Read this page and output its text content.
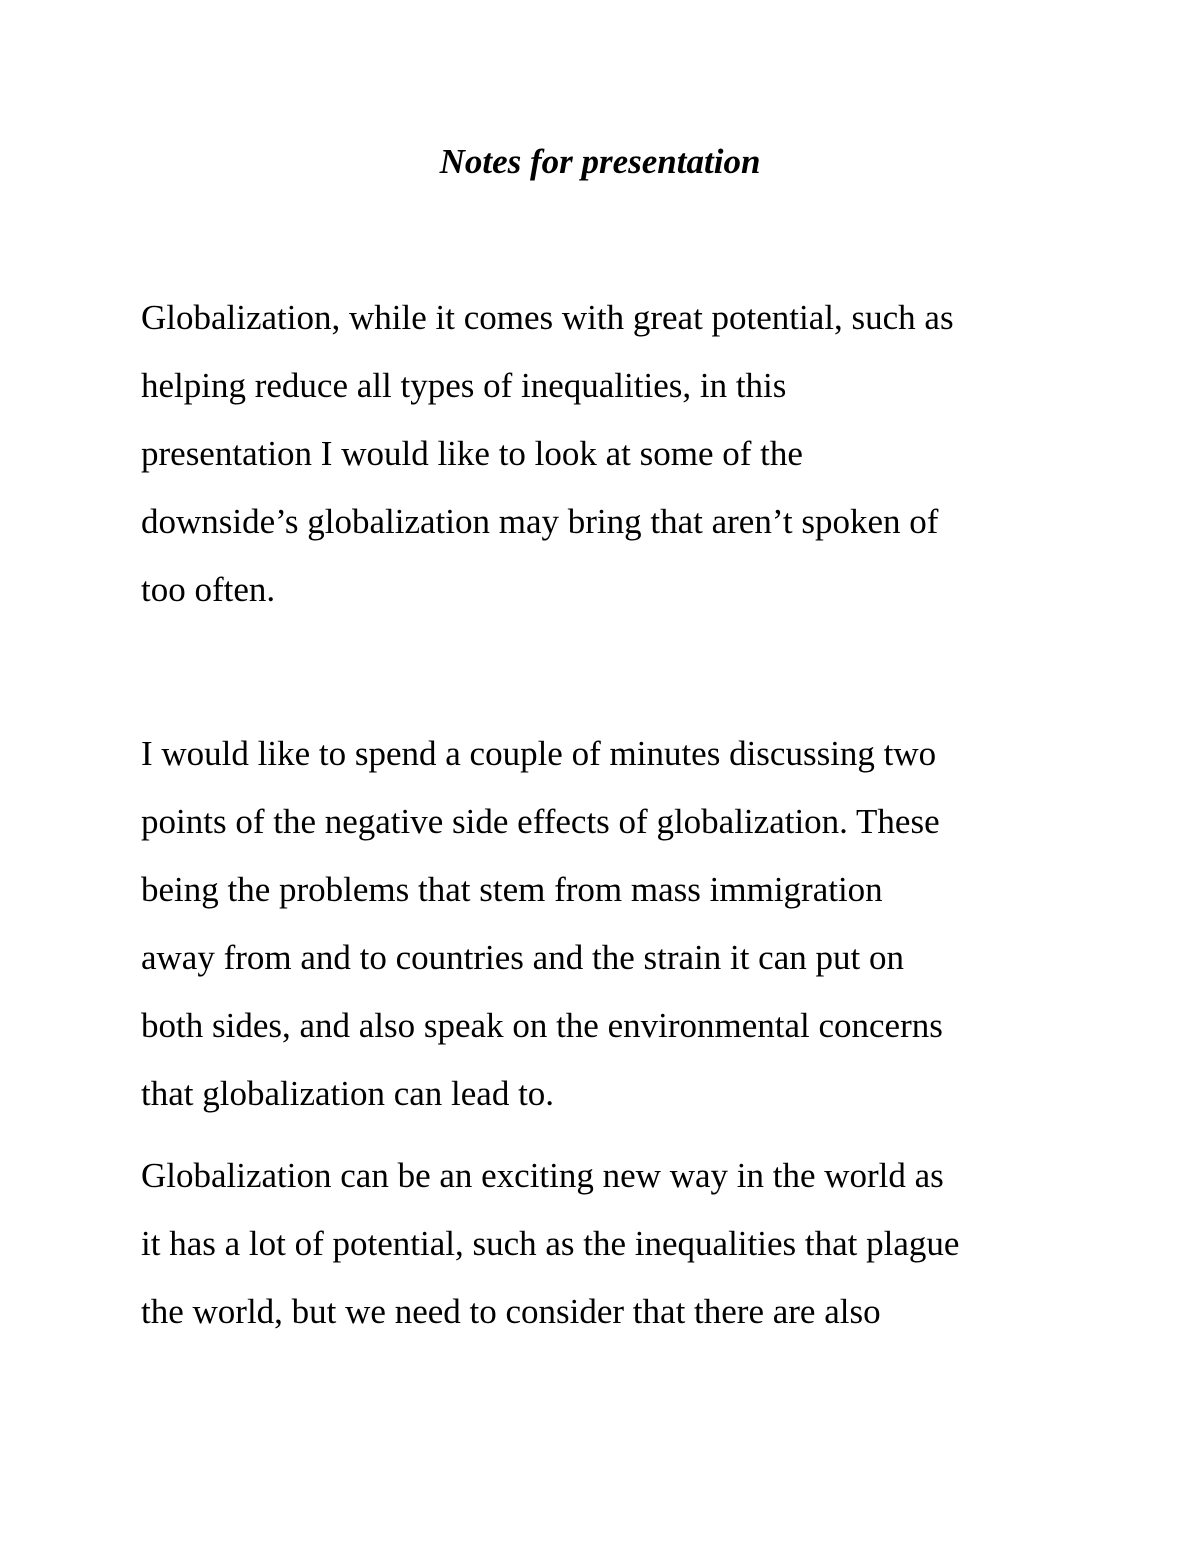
Notes for presentation
Globalization, while it comes with great potential, such as
helping reduce all types of inequalities, in this
presentation I would like to look at some of the
downside’s globalization may bring that aren’t spoken of
too often.
I would like to spend a couple of minutes discussing two
points of the negative side effects of globalization. These
being the problems that stem from mass immigration
away from and to countries and the strain it can put on
both sides, and also speak on the environmental concerns
that globalization can lead to.
Globalization can be an exciting new way in the world as
it has a lot of potential, such as the inequalities that plague
the world, but we need to consider that there are also
